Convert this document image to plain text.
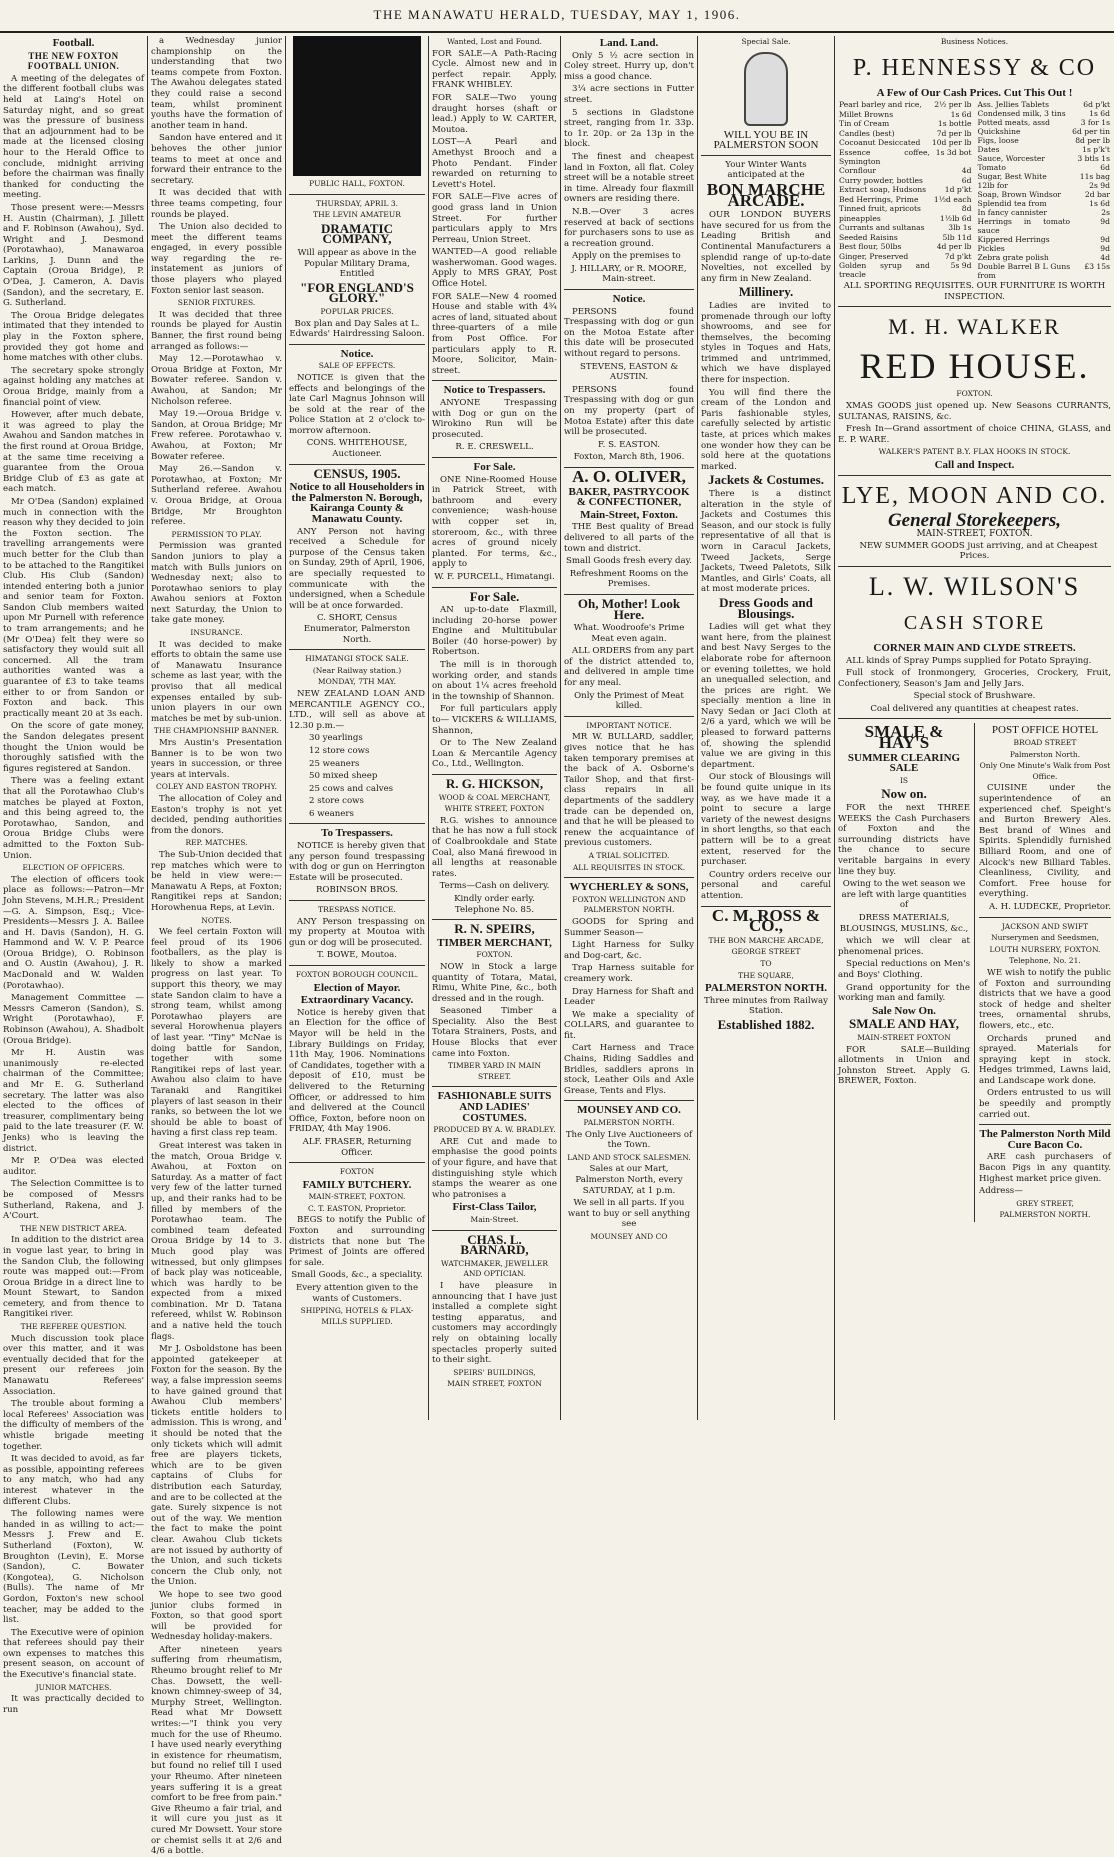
THE MANAWATU HERALD, TUESDAY, MAY 1, 1906.
Football.
THE NEW FOXTON FOOTBALL UNION.

A meeting of the delegates of the different football clubs was held at Laing's Hotel on Saturday night, and so great was the pressure of business that an adjournment had to be made at the licensed closing hour to the Herald Office to conclude, midnight arriving before the chairman was finally thanked for conducting the meeting.

Those present were:—Messrs H. Austin (Chairman), J. Jillett and F. Robinson (Awahou), Syd. Wright and J. Desmond (Porotawhao), Manawaroa Larkins, J. Dunn and the Captain (Oroua Bridge), P. O'Dea, J. Cameron, A. Davis (Sandon), and the secretary, E. G. Sutherland.

The Oroua Bridge delegates intimated that they intended to play in the Foxton sphere, provided they got home and home matches with other clubs.

The secretary spoke strongly against holding any matches at Oroua Bridge, mainly from a financial point of view.

However, after much debate, it was agreed to play the Awahou and Sandon matches in the first round at Oroua Bridge, at the same time receiving a guarantee from the Oroua Bridge Club of £3 as gate at each match.

Mr O'Dea (Sandon) explained much in connection with the reason why they decided to join the Foxton section. The travelling arrangements were much better for the Club than to be attached to the Rangitikei Club. His Club (Sandon) intended entering both a junior and senior team for Foxton. Sandon Club members waited upon Mr Purnell with reference to tram arrangements; and he (Mr O'Dea) felt they were so satisfactory they would suit all concerned. All the tram authorities wanted was a guarantee of £3 to take teams either to or from Sandon or Foxton and back. This practically meant 20 at 3s each.

On the score of gate money, the Sandon delegates present thought the Union would be thoroughly satisfied with the figures registered at Sandon.

There was a feeling extant that all the Porotawhao Club's matches be played at Foxton, and this being agreed to, the Porotawhao, Sandon, and Oroua Bridge Clubs were admitted to the Foxton Sub-Union.

ELECTION OF OFFICERS.

The election of officers took place as follows:—Patron—Mr John Stevens, M.H.R.; President—G. A. Simpson, Esq.; Vice-Presidents—Messrs J. A. Bailee and H. Davis (Sandon), H. G. Hammond and W. V. P. Pearce (Oroua Bridge), O. Robinson and O. Austin (Awahou), J. R. MacDonald and W. Walden (Porotawhao).

Management Committee — Messrs Cameron (Sandon), S. Wright (Porotawhao), F. Robinson (Awahou), A. Shadbolt (Oroua Bridge).

Mr H. Austin was unanimously re-elected chairman of the Committee; and Mr E. G. Sutherland secretary. The latter was also elected to the offices of treasurer, complimentary being paid to the late treasurer (F. W. Jenks) who is leaving the district.

Mr P. O'Dea was elected auditor.

The Selection Committee is to be composed of Messrs Sutherland, Rakena, and J. A'Court.

THE NEW DISTRICT AREA.

In addition to the district area in vogue last year, to bring in the Sandon Club, the following route was mapped out:—From Oroua Bridge in a direct line to Mount Stewart, to Sandon cemetery, and from thence to Rangitikei river.

THE REFEREE QUESTION.

Much discussion took place over this matter, and it was eventually decided that for the present our referees join Manawatu Referees' Association.

The trouble about forming a local Referees' Association was the difficulty of members of the whistle brigade meeting together.

It was decided to avoid, as far as possible, appointing referees to any match, who had any interest whatever in the different Clubs.

The following names were handed in as willing to act:—Messrs J. Frew and E. Sutherland (Foxton), W. Broughton (Levin), E. Morse (Sandon), C. Bowater (Kongotea), G. Nicholson (Bulls). The name of Mr Gordon, Foxton's new school teacher, may be added to the list.

The Executive were of opinion that referees should pay their own expenses to matches this present season, on account of the Executive's financial state.

JUNIOR MATCHES.

It was practically decided to run

a Wednesday junior championship on the understanding that two teams compete from Foxton. The Awahou delegates stated they could raise a second team, whilst prominent youths have the formation of another team in hand.

Sandon have entered and it behoves the other junior teams to meet at once and forward their entrance to the secretary.

It was decided that with three teams competing, four rounds be played.

The Union also decided to meet the different teams engaged, in every possible way regarding the re-instatement as juniors of those players who played Foxton senior last season.

SENIOR FIXTURES.

It was decided that three rounds be played for Austin Banner, the first round being arranged as follows:—

May 12.—Porotawhao v. Oroua Bridge at Foxton, Mr Bowater referee. Sandon v. Awahou, at Sandon; Mr Nicholson referee.

May 19.—Oroua Bridge v. Sandon, at Oroua Bridge; Mr Frew referee. Porotawhao v. Awahou, at Foxton; Mr Bowater referee.

May 26.—Sandon v. Porotawhao, at Foxton; Mr Sutherland referee. Awahou v. Oroua Bridge, at Oroua Bridge, Mr Broughton referee.

PERMISSION TO PLAY.

Permission was granted Sandon juniors to play a match with Bulls juniors on Wednesday next; also to Porotawhao seniors to play Awahou seniors at Foxton next Saturday, the Union to take gate money.

INSURANCE.

It was decided to make efforts to obtain the same use of Manawatu Insurance scheme as last year, with the proviso that all medical expenses entailed by sub-union players in our own matches be met by sub-union.

THE CHAMPIONSHIP BANNER.

Mrs Austin's Presentation Banner is to be won two years in succession, or three years at intervals.

COLEY AND EASTON TROPHY.

The allocation of Coley and Easton's trophy is not yet decided, pending authorities from the donors.

REP. MATCHES.

The Sub-Union decided that rep matches which were to be held in view were:—Manawatu A Reps, at Foxton; Rangitikei reps at Sandon; Horowhenua Reps, at Levin.

NOTES.

We feel certain Foxton will feel proud of its 1906 footballers, as the play is likely to show a marked progress on last year. To support this theory, we may state Sandon claim to have a strong team, whilst among Porotawhao players are several Horowhenua players of last year. "Tiny" McNae is doing battle for Sandon, together with some Rangitikei reps of last year. Awahou also claim to have Taranaki and Rangitikei players of last season in their ranks, so between the lot we should be able to boast of having a first class rep team.

Great interest was taken in the match, Oroua Bridge v. Awahou, at Foxton on Saturday. As a matter of fact very few of the latter turned up, and their ranks had to be filled by members of the Porotawhao team. The combined team defeated Oroua Bridge by 14 to 3. Much good play was witnessed, but only glimpses of back play was noticeable, which was hardly to be expected from a mixed combination. Mr D. Tatana refereed, whilst W. Robinson and a native held the touch flags.

Mr J. Osboldstone has been appointed gatekeeper at Foxton for the season. By the way, a false impression seems to have gained ground that Awahou Club members' tickets entitle holders to admission. This is wrong, and it should be noted that the only tickets which will admit free are players tickets, which are to be given captains of Clubs for distribution each Saturday, and are to be collected at the gate. Surely sixpence is not out of the way. We mention the fact to make the point clear. Awahou Club tickets are not issued by authority of the Union, and such tickets concern the Club only, not the Union.

We hope to see two good junior clubs formed in Foxton, so that good sport will be provided for Wednesday holiday-makers.

After nineteen years suffering from rheumatism, Rheumo brought relief to Mr Chas. Dowsett, the well-known chimney-sweep of 34, Murphy Street, Wellington. Read what Mr Dowsett writes:—"I think you very much for the use of Rheumo. I have used nearly everything in existence for rheumatism, but found no relief till I used your Rheumo. After nineteen years suffering it is a great comfort to be free from pain." Give Rheumo a fair trial, and it will cure you just as it cured Mr Dowsett. Your store or chemist sells it at 2/6 and 4/6 a bottle.

PUBLIC HALL, FOXTON.
THURSDAY, APRIL 3.
THE LEVIN AMATEUR
DRAMATIC COMPANY,

Will appear as above in the Popular Military Drama, Entitled

"FOR ENGLAND'S GLORY."
POPULAR PRICES.

Box plan and Day Sales at L. Edwards' Hairdressing Saloon.

Notice.
SALE OF EFFECTS.

NOTICE is given that the effects and belongings of the late Carl Magnus Johnson will be sold at the rear of the Police Station at 2 o'clock to-morrow afternoon.

CONS. WHITEHOUSE, Auctioneer.

CENSUS, 1905.
Notice to all Householders in the Palmerston N. Borough, Kairanga County & Manawatu County.

ANY Person not having received a Schedule for purpose of the Census taken on Sunday, 29th of April, 1906, are specially requested to communicate with the undersigned, when a Schedule will be at once forwarded.

C. SHORT, Census Enumerator, Palmerston North.

HIMATANGI STOCK SALE.
(Near Railway station.)
MONDAY, 7TH MAY.

NEW ZEALAND LOAN AND MERCANTILE AGENCY CO., LTD., will sell as above at 12.30 p.m.—

30 yearlings

12 store cows

25 weaners

50 mixed sheep

25 cows and calves

2 store cows

6 weaners

To Trespassers.

NOTICE is hereby given that any person found trespassing with dog or gun on Herrington Estate will be prosecuted.

ROBINSON BROS.

TRESPASS NOTICE.

ANY Person trespassing on my property at Moutoa with gun or dog will be prosecuted.

T. BOWE, Moutoa.

FOXTON BOROUGH COUNCIL.
Election of Mayor.
Extraordinary Vacancy.

Notice is hereby given that an Election for the office of Mayor will be held in the Library Buildings on Friday, 11th May, 1906. Nominations of Candidates, together with a deposit of £10, must be delivered to the Returning Officer, or addressed to him and delivered at the Council Office, Foxton, before noon on FRIDAY, 4th May 1906.

ALF. FRASER, Returning Officer.

FOXTON
FAMILY BUTCHERY.
MAIN-STREET, FOXTON.
C. T. EASTON, Proprietor.

BEGS to notify the Public of Foxton and surrounding districts that none but The Primest of Joints are offered for sale.

Small Goods, &c., a speciality.

Every attention given to the wants of Customers.

SHIPPING, HOTELS & FLAX-MILLS SUPPLIED.
Wanted, Lost and Found.

FOR SALE—A Path-Racing Cycle. Almost new and in perfect repair. Apply, FRANK WHIBLEY.

FOR SALE—Two young draught horses (shaft or lead.) Apply to W. CARTER, Moutoa.

LOST—A Pearl and Amethyst Brooch and a Photo Pendant. Finder rewarded on returning to Levett's Hotel.

FOR SALE—Five acres of good grass land in Union Street. For further particulars apply to Mrs Perreau, Union Street.

WANTED—A good reliable washerwoman. Good wages. Apply to MRS GRAY, Post Office Hotel.

FOR SALE—New 4 roomed House and stable with 4¾ acres of land, situated about three-quarters of a mile from Post Office. For particulars apply to R. Moore, Solicitor, Main-street.

Notice to Trespassers.

ANYONE Trespassing with Dog or gun on the Wirokino Run will be prosecuted.

R. E. CRESWELL.

For Sale.

ONE Nine-Roomed House in Patrick Street, with bathroom and every convenience; wash-house with copper set in, storeroom, &c., with three acres of ground nicely planted. For terms, &c., apply to

W. F. PURCELL, Himatangi.

For Sale.

AN up-to-date Flaxmill, including 20-horse power Engine and Multitubular Boiler (40 horse-power) by Robertson.

The mill is in thorough working order, and stands on about 1¼ acres freehold in the township of Shannon.

For full particulars apply to— VICKERS & WILLIAMS, Shannon,

Or to The New Zealand Loan & Mercantile Agency Co., Ltd., Wellington.

R. G. HICKSON,
WOOD & COAL MERCHANT,
WHITE STREET, FOXTON

R.G. wishes to announce that he has now a full stock of Coalbrookdale and State Coal, also Maná firewood in all lengths at reasonable rates.

Terms—Cash on delivery.

Kindly order early. Telephone No. 85.

R. N. SPEIRS,
TIMBER MERCHANT,
FOXTON.

NOW in Stock a large quantity of Totara, Matai, Rimu, White Pine, &c., both dressed and in the rough.

Seasoned Timber a Speciality. Also the Best Totara Strainers, Posts, and House Blocks that ever came into Foxton.

TIMBER YARD IN MAIN STREET.
FASHIONABLE SUITS AND LADIES' COSTUMES.
PRODUCED BY A. W. BRADLEY.

ARE Cut and made to emphasise the good points of your figure, and have that distinguishing style which stamps the wearer as one who patronises a

First-Class Tailor,
Main-Street.
CHAS. L. BARNARD,
WATCHMAKER, JEWELLER AND OPTICIAN.

I have pleasure in announcing that I have just installed a complete sight testing apparatus, and customers may accordingly rely on obtaining locally spectacles properly suited to their sight.

SPEIRS' BUILDINGS,
MAIN STREET, FOXTON
Land. Land.

Only 5 ½ acre section in Coley street. Hurry up, don't miss a good chance.

3¼ acre sections in Futter street.

5 sections in Gladstone street, ranging from 1r. 33p. to 1r. 20p. or 2a 13p in the block.

The finest and cheapest land in Foxton, all flat. Coley street will be a notable street in time. Already four flaxmill owners are residing there.

N.B.—Over 3 acres reserved at back of sections for purchasers sons to use as a recreation ground.

Apply on the premises to

J. HILLARY, or R. MOORE, Main-street.

Notice.

PERSONS found Trespassing with dog or gun on the Motoa Estate after this date will be prosecuted without regard to persons.

STEVENS, EASTON & AUSTIN.

PERSONS found Trespassing with dog or gun on my property (part of Motoa Estate) after this date will be prosecuted.

F. S. EASTON.

Foxton, March 8th, 1906.

A. O. OLIVER,
BAKER, PASTRYCOOK & CONFECTIONER,
Main-Street, Foxton.

THE Best quality of Bread delivered to all parts of the town and district.

Small Goods fresh every day.

Refreshment Rooms on the Premises.

Oh, Mother! Look Here.

What. Woodroofe's Prime Meat even again.

ALL ORDERS from any part of the district attended to, and delivered in ample time for any meal.

Only the Primest of Meat killed.

IMPORTANT NOTICE.

MR W. BULLARD, saddler, gives notice that he has taken temporary premises at the back of A. Osborne's Tailor Shop, and that first-class repairs in all departments of the saddlery trade can be depended on, and that he will be pleased to renew the acquaintance of previous customers.

A TRIAL SOLICITED.
ALL REQUISITES IN STOCK.
WYCHERLEY & SONS,
FOXTON WELLINGTON AND PALMERSTON NORTH.

GOODS for Spring and Summer Season—

Light Harness for Sulky and Dog-cart, &c.

Trap Harness suitable for creamery work.

Dray Harness for Shaft and Leader

We make a speciality of COLLARS, and guarantee to fit.

Cart Harness and Trace Chains, Riding Saddles and Bridles, saddlers aprons in stock, Leather Oils and Axle Grease, Tents and Flys.

MOUNSEY AND CO.
PALMERSTON NORTH.

The Only Live Auctioneers of the Town.

LAND AND STOCK SALESMEN.

Sales at our Mart, Palmerston North, every SATURDAY, at 1 p.m.

We sell in all parts. If you want to buy or sell anything see

MOUNSEY AND CO
Special Sale.
WILL YOU BE IN PALMERSTON SOON

Your Winter Wants anticipated at the

BON MARCHE ARCADE.

OUR LONDON BUYERS have secured for us from the Leading British and Continental Manufacturers a splendid range of up-to-date Novelties, not excelled by any firm in New Zealand.

Millinery.

Ladies are invited to promenade through our lofty showrooms, and see for themselves, the becoming styles in Toques and Hats, trimmed and untrimmed, which we have displayed there for inspection.

You will find there the cream of the London and Paris fashionable styles, carefully selected by artistic taste, at prices which makes one wonder how they can be sold here at the quotations marked.

Jackets & Costumes.

There is a distinct alteration in the style of Jackets and Costumes this Season, and our stock is fully representative of all that is worn in Caracul Jackets, Tweed Jackets, Serge Jackets, Tweed Paletots, Silk Mantles, and Girls' Coats, all at most moderate prices.

Dress Goods and Blousings.

Ladies will get what they want here, from the plainest and best Navy Serges to the elaborate robe for afternoon or evening toilettes, we hold an unequalled selection, and the prices are right. We specially mention a line in Navy Sedan or Jaci Cloth at 2/6 a yard, which we will be pleased to forward patterns of, showing the splendid value we are giving in this department.

Our stock of Blousings will be found quite unique in its way, as we have made it a point to secure a large variety of the newest designs in short lengths, so that each pattern will be to a great extent, reserved for the purchaser.

Country orders receive our personal and careful attention.

C. M. ROSS & CO.,
THE BON MARCHE ARCADE,
GEORGE STREET
TO
THE SQUARE,
PALMERSTON NORTH.

Three minutes from Railway Station.

Established 1882.
Business Notices.
P. HENNESSY & CO
A Few of Our Cash Prices. Cut This Out !
Pearl barley and rice,	2½ per lb
Millet Browns	1s 6d
Tin of Cream	1s bottle
Candles (best)	7d per lb
Cocoanut Desiccated	10d per lb
Essence coffee, Symington	1s 3d bot
Cornflour	4d
Curry powder, bottles	6d
Extract soap, Hudsons	1d p'kt
Bed Herrings, Prime	1½d each
Tinned fruit, apricots	8d
pineapples	1½lb 6d
Currants and sultanas	3lb 1s
Seeded Raisins	5lb 11d
Best flour, 50lbs	4d per lb
Ginger, Preserved	7d p'kt
Golden syrup and treacle	5s 9d
Ass. Jellies Tablets	6d p'kt
Condensed milk, 3 tins	1s 6d
Potted meats, assd	3 for 1s
Quickshine	6d per tin
Figs, loose	8d per lb
Dates	1s p'k't
Sauce, Worcester	3 btls 1s
Tomato	6d
Sugar, Best White	11s bag
12lb for	2s 9d
Soap, Brown Windsor	2d bar
Splendid tea from	1s 6d
In fancy cannister	2s
Herrings in tomato sauce	9d
Kippered Herrings	9d
Pickles	9d
Zebra grate polish	4d
Double Barrel B L Guns from	£3 15s
ALL SPORTING REQUISITES. OUR FURNITURE IS WORTH INSPECTION.
M. H. WALKER
RED HOUSE.
FOXTON.

XMAS GOODS just opened up. New Seasons CURRANTS, SULTANAS, RAISINS, &c.

Fresh In—Grand assortment of choice CHINA, GLASS, and E. P. WARE.

WALKER'S PATENT B.Y. FLAX HOOKS IN STOCK.
Call and Inspect.
LYE, MOON AND CO.
General Storekeepers,
MAIN-STREET, FOXTON.

NEW SUMMER GOODS just arriving, and at Cheapest Prices.

L. W. WILSON'S
CASH STORE
CORNER MAIN AND CLYDE STREETS.

ALL kinds of Spray Pumps supplied for Potato Spraying.

Full stock of Ironmongery, Groceries, Crockery, Fruit, Confectionery, Season's Jam and Jelly Jars.

Special stock of Brushware.

Coal delivered any quantities at cheapest rates.

SMALE & HAY'S
SUMMER CLEARING SALE
IS
Now on.

FOR the next THREE WEEKS the Cash Purchasers of Foxton and the surrounding districts have the chance to secure veritable bargains in every line they buy.

Owing to the wet season we are left with large quantities of

DRESS MATERIALS, BLOUSINGS, MUSLINS, &c.,

which we will clear at phenomenal prices.

Special reductions on Men's and Boys' Clothing.

Grand opportunity for the working man and family.

Sale Now On.
SMALE AND HAY,
MAIN-STREET FOXTON

FOR SALE—Building allotments in Union and Johnston Street. Apply G. BREWER, Foxton.

POST OFFICE HOTEL
BROAD STREET
Palmerston North.
Only One Minute's Walk from Post Office.

CUISINE under the superintendence of an experienced chef. Speight's and Burton Brewery Ales. Best brand of Wines and Spirits. Splendidly furnished Billiard Room, and one of Alcock's new Billiard Tables. Cleanliness, Civility, and Comfort. Free house for everything.

A. H. LUDECKE, Proprietor.

JACKSON AND SWIFT
Nurserymen and Seedsmen,
LOUTH NURSERY, FOXTON.
Telephone, No. 21.

WE wish to notify the public of Foxton and surrounding districts that we have a good stock of hedge and shelter trees, ornamental shrubs, flowers, etc., etc.

Orchards pruned and sprayed. Materials for spraying kept in stock. Hedges trimmed, Lawns laid, and Landscape work done.

Orders entrusted to us will be speedily and promptly carried out.

The Palmerston North Mild Cure Bacon Co.

ARE cash purchasers of Bacon Pigs in any quantity. Highest market price given.

Address—

GREY STREET,
PALMERSTON NORTH.
